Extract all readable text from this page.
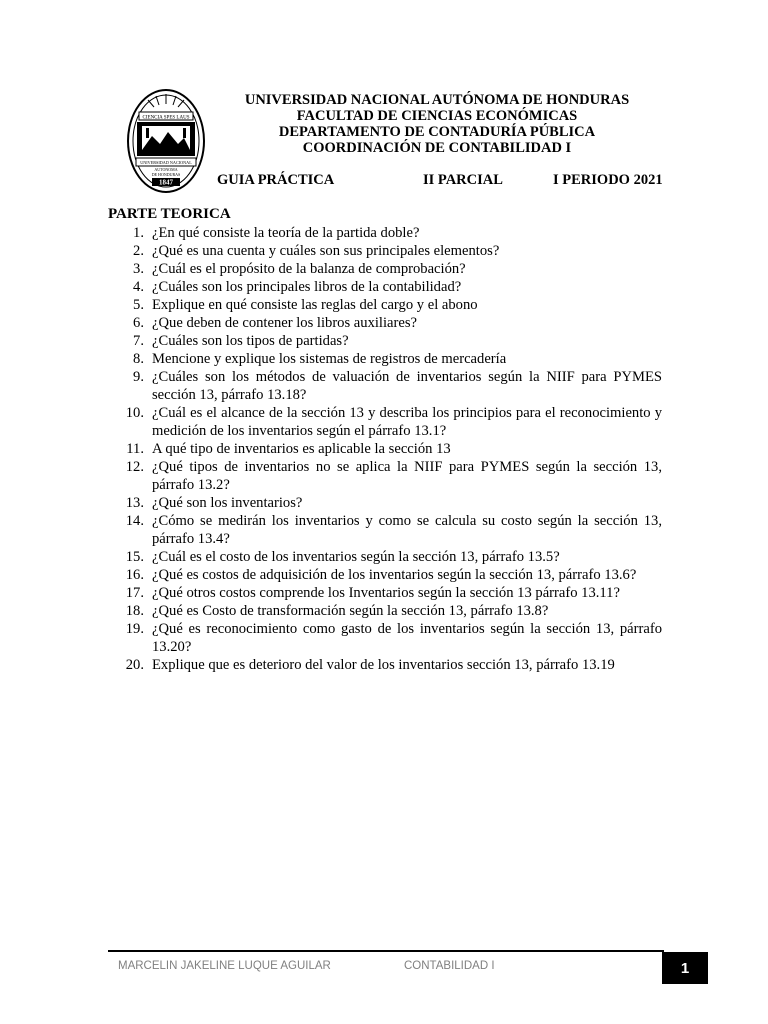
CIENCIA SPES LAUS
UNIVERSIDAD NACIONAL
AUTONOMA
DE HONDURAS
1847
UNIVERSIDAD NACIONAL AUTÓNOMA DE HONDURAS
FACULTAD DE CIENCIAS ECONÓMICAS
DEPARTAMENTO DE CONTADURÍA PÚBLICA
COORDINACIÓN DE CONTABILIDAD I
GUIA PRÁCTICA	II PARCIAL	I PERIODO 2021
PARTE TEORICA
1. ¿En qué consiste la teoría de la partida doble?
2. ¿Qué es una cuenta y cuáles son sus principales elementos?
3. ¿Cuál es el propósito de la balanza de comprobación?
4. ¿Cuáles son los principales libros de la contabilidad?
5. Explique en qué consiste las reglas del cargo y el abono
6. ¿Que deben de contener los libros auxiliares?
7. ¿Cuáles son los tipos de partidas?
8. Mencione y explique los sistemas de registros de mercadería
9. ¿Cuáles son los métodos de valuación de inventarios según la NIIF para PYMES sección 13, párrafo 13.18?
10. ¿Cuál es el alcance de la sección 13 y describa los principios para el reconocimiento y medición de los inventarios según el párrafo 13.1?
11. A qué tipo de inventarios es aplicable la sección 13
12. ¿Qué tipos de inventarios no se aplica la NIIF para PYMES según la sección 13, párrafo 13.2?
13. ¿Qué son los inventarios?
14. ¿Cómo se medirán los inventarios y como se calcula su costo según la sección 13, párrafo 13.4?
15. ¿Cuál es el costo de los inventarios según la sección 13, párrafo 13.5?
16. ¿Qué es costos de adquisición de los inventarios según la sección 13, párrafo 13.6?
17. ¿Qué otros costos comprende los Inventarios según la sección 13 párrafo 13.11?
18. ¿Qué es Costo de transformación según la sección 13, párrafo 13.8?
19. ¿Qué es reconocimiento como gasto de los inventarios según la sección 13, párrafo 13.20?
20. Explique que es deterioro del valor de los inventarios sección 13, párrafo 13.19
MARCELIN JAKELINE LUQUE AGUILAR	CONTABILIDAD I	1
